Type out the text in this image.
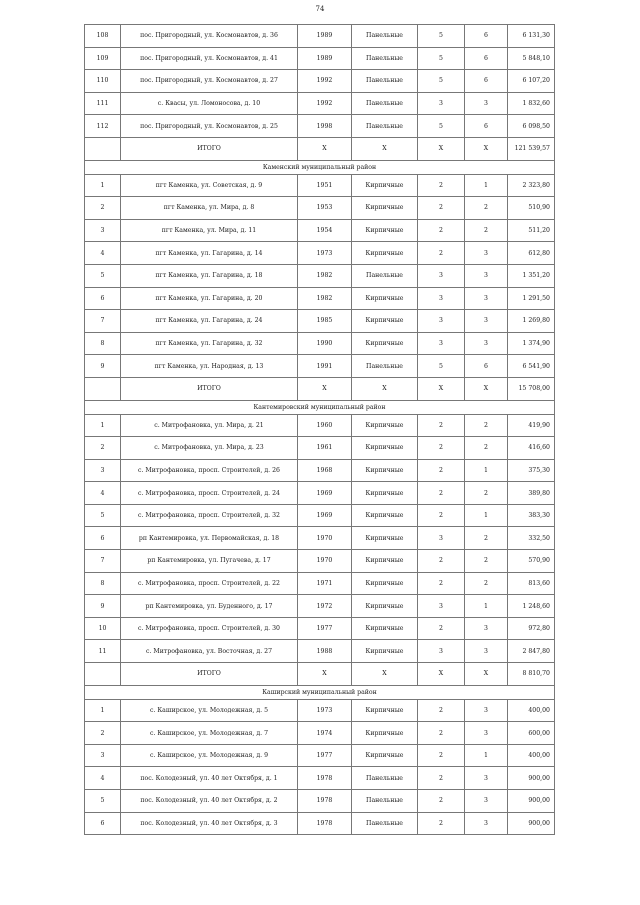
74
108	пос. Пригородный, ул. Космонавтов, д. 36	1989	Панельные	5	6	6 131,30
109	пос. Пригородный, ул. Космонавтов, д. 41	1989	Панельные	5	6	5 848,10
110	пос. Пригородный, ул. Космонавтов, д. 27	1992	Панельные	5	6	6 107,20
111	с. Квасы, ул. Ломоносова, д. 10	1992	Панельные	3	3	1 832,60
112	пос. Пригородный, ул. Космонавтов, д. 25	1998	Панельные	5	6	6 098,50
	ИТОГО	X	X	X	X	121 539,57
Каменский муниципальный район						
1	пгт Каменка, ул. Советская, д. 9	1951	Кирпичные	2	1	2 323,80
2	пгт Каменка, ул. Мира, д. 8	1953	Кирпичные	2	2	510,90
3	пгт Каменка, ул. Мира, д. 11	1954	Кирпичные	2	2	511,20
4	пгт Каменка, ул. Гагарина, д. 14	1973	Кирпичные	2	3	612,80
5	пгт Каменка, ул. Гагарина, д. 18	1982	Панельные	3	3	1 351,20
6	пгт Каменка, ул. Гагарина, д. 20	1982	Кирпичные	3	3	1 291,50
7	пгт Каменка, ул. Гагарина, д. 24	1985	Кирпичные	3	3	1 269,80
8	пгт Каменка, ул. Гагарина, д. 32	1990	Кирпичные	3	3	1 374,90
9	пгт Каменка, ул. Народная, д. 13	1991	Панельные	5	6	6 541,90
	ИТОГО	X	X	X	X	15 708,00
Кантемировский муниципальный район						
1	с. Митрофановка, ул. Мира, д. 21	1960	Кирпичные	2	2	419,90
2	с. Митрофановка, ул. Мира, д. 23	1961	Кирпичные	2	2	416,60
3	с. Митрофановка, просп. Строителей, д. 26	1968	Кирпичные	2	1	375,30
4	с. Митрофановка, просп. Строителей, д. 24	1969	Кирпичные	2	2	389,80
5	с. Митрофановка, просп. Строителей, д. 32	1969	Кирпичные	2	1	383,30
6	рп Кантемировка, ул. Первомайская, д. 18	1970	Кирпичные	3	2	332,50
7	рп Кантемировка, ул. Пугачева, д. 17	1970	Кирпичные	2	2	570,90
8	с. Митрофановка, просп. Строителей, д. 22	1971	Кирпичные	2	2	813,60
9	рп Кантемировка, ул. Буденного, д. 17	1972	Кирпичные	3	1	1 248,60
10	с. Митрофановка, просп. Строителей, д. 30	1977	Кирпичные	2	3	972,80
11	с. Митрофановка, ул. Восточная, д. 27	1988	Кирпичные	3	3	2 847,80
	ИТОГО	X	X	X	X	8 810,70
Каширский муниципальный район						
1	с. Каширское, ул. Молодежная, д. 5	1973	Кирпичные	2	3	400,00
2	с. Каширское, ул. Молодежная, д. 7	1974	Кирпичные	2	3	600,00
3	с. Каширское, ул. Молодежная, д. 9	1977	Кирпичные	2	1	400,00
4	пос. Колодезный, ул. 40 лет Октября, д. 1	1978	Панельные	2	3	900,00
5	пос. Колодезный, ул. 40 лет Октября, д. 2	1978	Панельные	2	3	900,00
6	пос. Колодезный, ул. 40 лет Октября, д. 3	1978	Панельные	2	3	900,00
